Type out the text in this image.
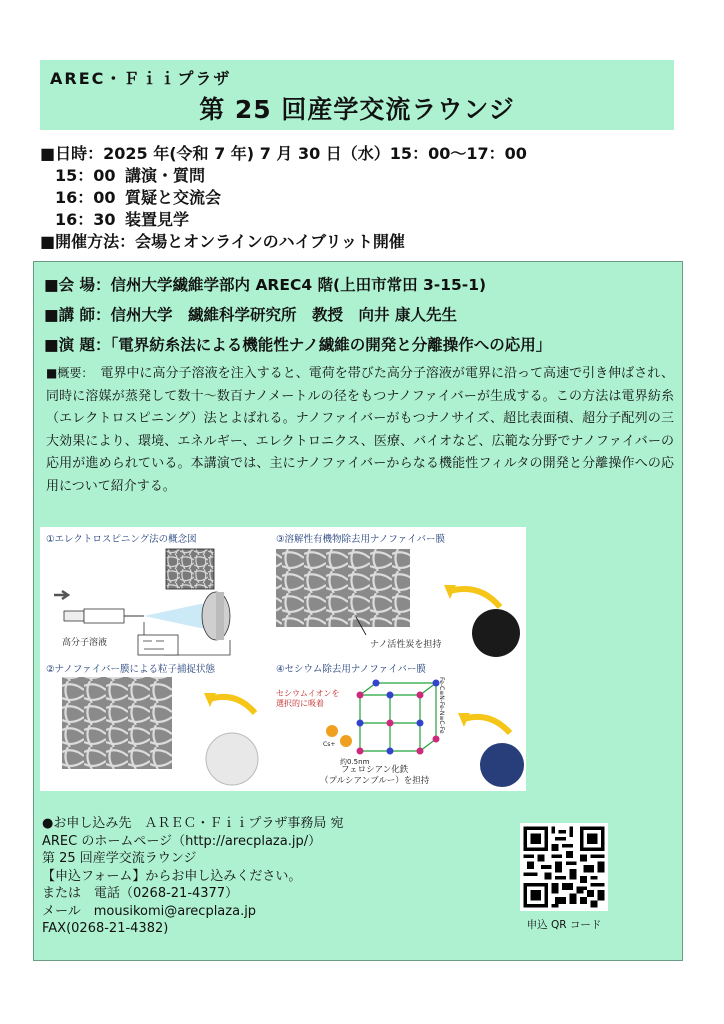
AREC・Ｆｉｉプラザ
第 25 回産学交流ラウンジ
■日時：2025 年(令和 7 年) 7 月 30 日（水）15：00～17：00
15：00 講演・質問
16：00 質疑と交流会
16：30 装置見学
■開催方法：会場とオンラインのハイブリット開催
■会 場：信州大学繊維学部内 AREC4 階(上田市常田 3-15-1)
■講 師：信州大学　繊維科学研究所　教授　向井 康人先生
■演 題：「電界紡糸法による機能性ナノ繊維の開発と分離操作への応用」
■概要：　 電界中に高分子溶液を注入すると、電荷を帯びた高分子溶液が電界に沿って高速で引き伸ばされ、同時に溶媒が蒸発して数十～数百ナノメートルの径をもつナノファイバーが生成する。この方法は電界紡糸（エレクトロスピニング）法とよばれる。ナノファイバーがもつナノサイズ、超比表面積、超分子配列の三大効果により、環境、エネルギー、エレクトロニクス、医療、バイオなど、広範な分野でナノファイバーの応用が進められている。本講演では、主にナノファイバーからなる機能性フィルタの開発と分離操作への応用について紹介する。
①エレクトロスピニング法の概念図	③溶解性有機物除去用ナノファイバー膜
②ナノファイバー膜による粒子捕捉状態	④セシウム除去用ナノファイバー膜
高分子溶液	ナノ活性炭を担持
セシウムイオンを
選択的に吸着
Cs+
約0.5nm
Fe-C≡N-Fe-N≡C-Fe
フェロシアン化鉄
（プルシアンブルー）を担持
●お申し込み先　ＡＲＥＣ・Ｆｉｉプラザ事務局 宛
AREC のホームページ（http://arecplaza.jp/）
第 25 回産学交流ラウンジ
【申込フォーム】からお申し込みください。
または　電話（0268-21-4377）
メール　mousikomi@arecplaza.jp
FAX(0268-21-4382)	申込 QR コード
